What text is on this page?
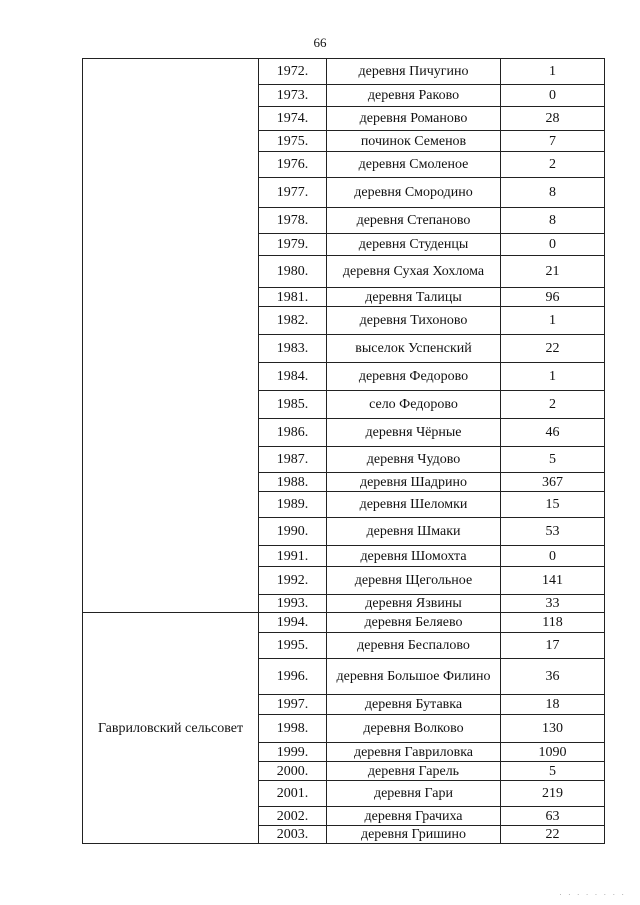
66
	1972.	деревня Пичугино	1
	1973.	деревня Раково	0
	1974.	деревня Романово	28
	1975.	починок Семенов	7
	1976.	деревня Смоленое	2
	1977.	деревня Смородино	8
	1978.	деревня Степаново	8
	1979.	деревня Студенцы	0
	1980.	деревня Сухая Хохлома	21
	1981.	деревня Талицы	96
	1982.	деревня Тихоново	1
	1983.	выселок Успенский	22
	1984.	деревня Федорово	1
	1985.	село Федорово	2
	1986.	деревня Чёрные	46
	1987.	деревня Чудово	5
	1988.	деревня Шадрино	367
	1989.	деревня Шеломки	15
	1990.	деревня Шмаки	53
	1991.	деревня Шомохта	0
	1992.	деревня Щегольное	141
	1993.	деревня Язвины	33
Гавриловский сельсовет	1994.	деревня Беляево	118
	1995.	деревня Беспалово	17
	1996.	деревня Большое Филино	36
	1997.	деревня Бутавка	18
	1998.	деревня Волково	130
	1999.	деревня Гавриловка	1090
	2000.	деревня Гарель	5
	2001.	деревня Гари	219
	2002.	деревня Грачиха	63
	2003.	деревня Гришино	22
· · · · · · · ·
